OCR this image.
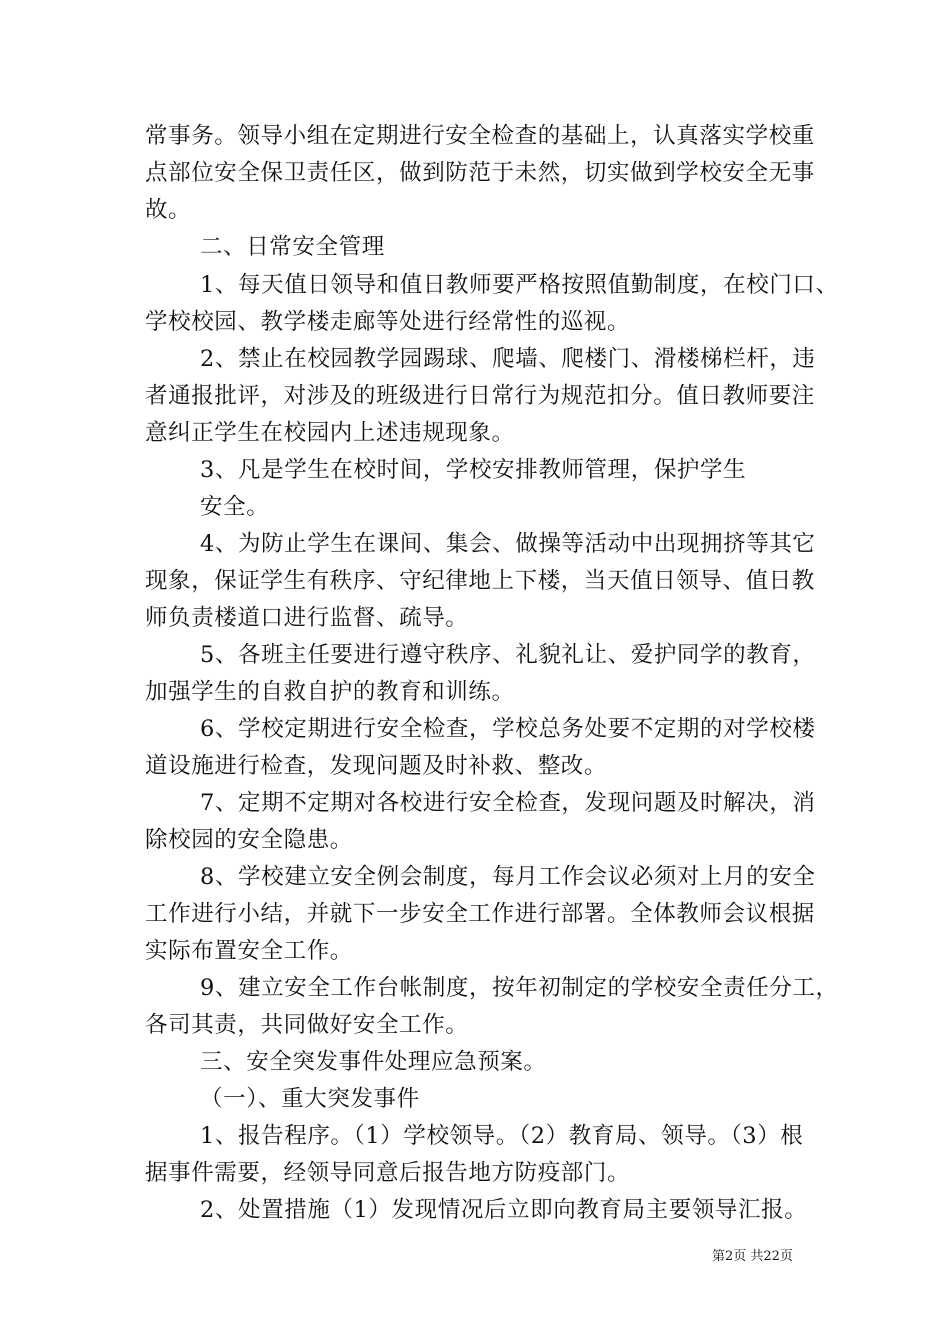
常事务。领导小组在定期进行安全检查的基础上，认真落实学校重
点部位安全保卫责任区，做到防范于未然，切实做到学校安全无事
故。
二、日常安全管理
1、每天值日领导和值日教师要严格按照值勤制度，在校门口、
学校校园、教学楼走廊等处进行经常性的巡视。
2、禁止在校园教学园踢球、爬墙、爬楼门、滑楼梯栏杆，违
者通报批评，对涉及的班级进行日常行为规范扣分。值日教师要注
意纠正学生在校园内上述违规现象。
3、凡是学生在校时间，学校安排教师管理，保护学生
安全。
4、为防止学生在课间、集会、做操等活动中出现拥挤等其它
现象，保证学生有秩序、守纪律地上下楼，当天值日领导、值日教
师负责楼道口进行监督、疏导。
5、各班主任要进行遵守秩序、礼貌礼让、爱护同学的教育，
加强学生的自救自护的教育和训练。
6、学校定期进行安全检查，学校总务处要不定期的对学校楼
道设施进行检查，发现问题及时补救、整改。
7、定期不定期对各校进行安全检查，发现问题及时解决，消
除校园的安全隐患。
8、学校建立安全例会制度，每月工作会议必须对上月的安全
工作进行小结，并就下一步安全工作进行部署。全体教师会议根据
实际布置安全工作。
9、建立安全工作台帐制度，按年初制定的学校安全责任分工，
各司其责，共同做好安全工作。
三、安全突发事件处理应急预案。
（一）、重大突发事件
1、报告程序。（1）学校领导。（2）教育局、领导。（3）根
据事件需要，经领导同意后报告地方防疫部门。
2、处置措施（1）发现情况后立即向教育局主要领导汇报。
第2页 共22页
